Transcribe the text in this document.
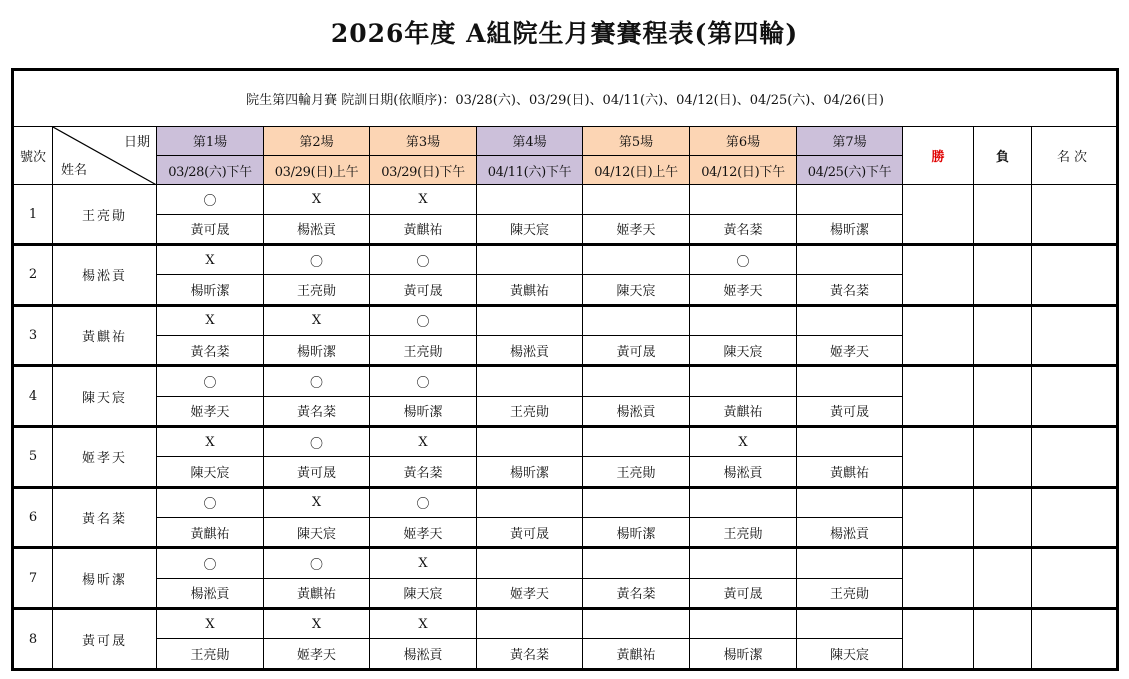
2026年度 A組院生月賽賽程表(第四輪)
院生第四輪月賽 院訓日期(依順序)：03/28(六)、03/29(日)、04/11(六)、04/12(日)、04/25(六)、04/26(日)											
號次	日期
姓名	第1場	第2場	第3場	第4場	第5場	第6場	第7場	勝	負	名次
		03/28(六)下午	03/29(日)上午	03/29(日)下午	04/11(六)下午	04/12(日)上午	04/12(日)下午	04/25(六)下午			
1	王亮勛	〇	X	X							
		黃可晟	楊淞貢	黃麒祐	陳天宸	姬孝天	黃名棻	楊昕潔			
2	楊淞貢	X	〇	〇			〇				
		楊昕潔	王亮勛	黃可晟	黃麒祐	陳天宸	姬孝天	黃名棻			
3	黃麒祐	X	X	〇							
		黃名棻	楊昕潔	王亮勛	楊淞貢	黃可晟	陳天宸	姬孝天			
4	陳天宸	〇	〇	〇							
		姬孝天	黃名棻	楊昕潔	王亮勛	楊淞貢	黃麒祐	黃可晟			
5	姬孝天	X	〇	X			X				
		陳天宸	黃可晟	黃名棻	楊昕潔	王亮勛	楊淞貢	黃麒祐			
6	黃名棻	〇	X	〇							
		黃麒祐	陳天宸	姬孝天	黃可晟	楊昕潔	王亮勛	楊淞貢			
7	楊昕潔	〇	〇	X							
		楊淞貢	黃麒祐	陳天宸	姬孝天	黃名棻	黃可晟	王亮勛			
8	黃可晟	X	X	X							
		王亮勛	姬孝天	楊淞貢	黃名棻	黃麒祐	楊昕潔	陳天宸			
